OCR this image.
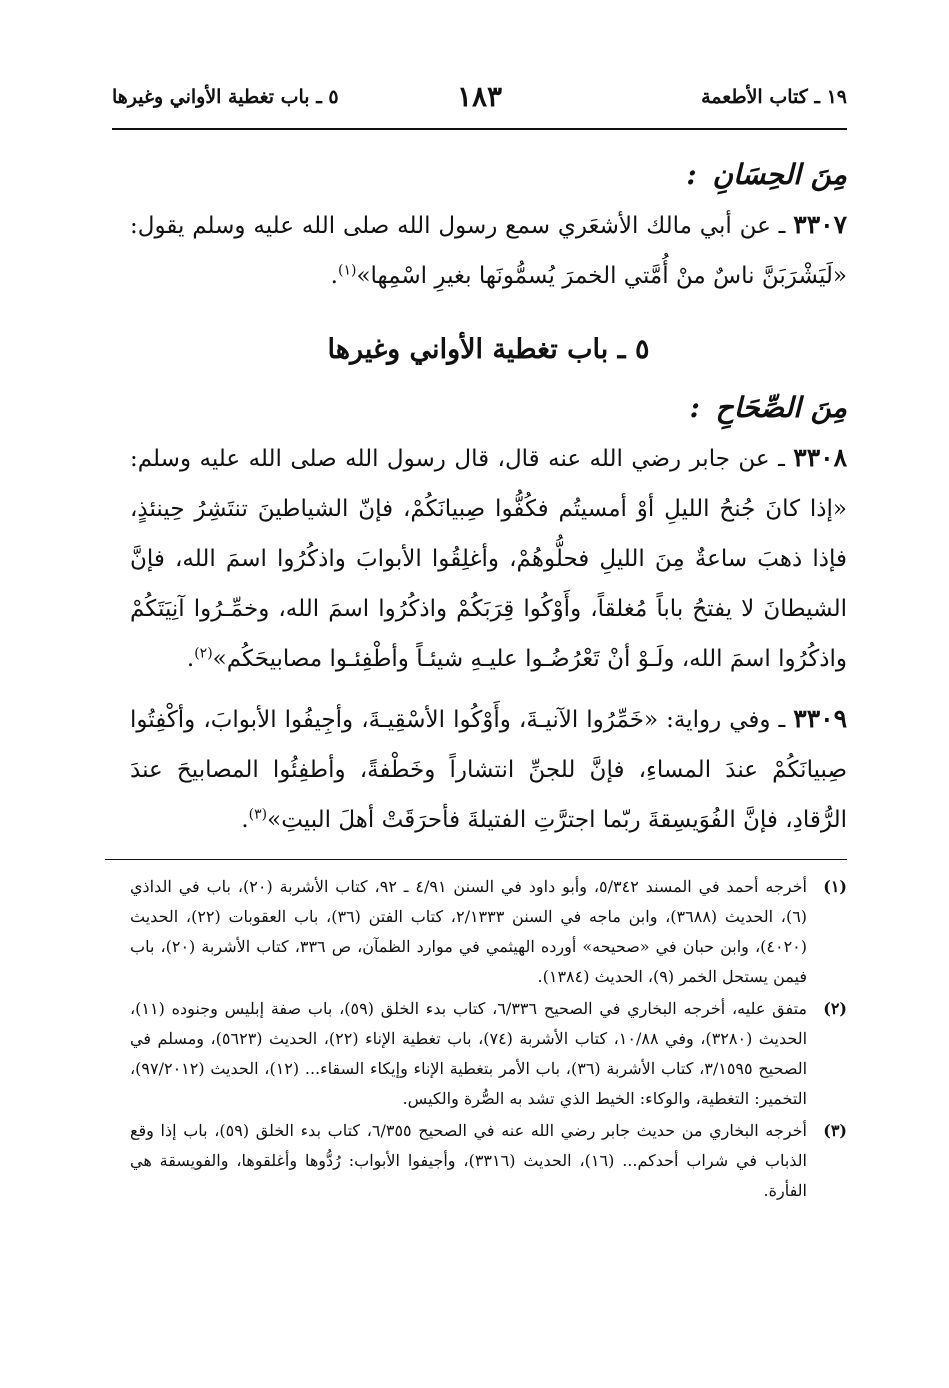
١٩ ـ كتاب الأطعمة
١٨٣
٥ ـ باب تغطية الأواني وغيرها
مِنَ الحِسَانِ :

٣٣٠٧ ـ عن أبي مالك الأشعَري سمع رسول الله صلى الله عليه وسلم يقول: «لَيَشْرَبَنَّ ناسٌ منْ أُمَّتي الخمرَ يُسمُّونَها بغيرِ اسْمِها»$^{(١)}$.

٥ ـ باب تغطية الأواني وغيرها
مِنَ الصِّحَاحِ :

٣٣٠٨ ـ عن جابر رضي الله عنه قال، قال رسول الله صلى الله عليه وسلم: «إذا كانَ جُنحُ الليلِ أوْ أمسيتُم فكُفُّوا صِبيانَكُمْ، فإنّ الشياطينَ تنتَشِرُ حِينئذٍ، فإذا ذهبَ ساعةٌ مِنَ الليلِ فحلُّوهُمْ، وأغلِقُوا الأبوابَ واذكُرُوا اسمَ الله، فإنَّ الشيطانَ لا يفتحُ باباً مُغلقاً، وأَوْكُوا قِرَبَكُمْ واذكُرُوا اسمَ الله، وخمِّـرُوا آنِيَتَكُمْ واذكُرُوا اسمَ الله، ولَـوْ أنْ تَعْرُضُـوا عليـهِ شيئـاً وأطْفِئـوا مصابيحَكُم»$^{(٢)}$.

٣٣٠٩ ـ وفي رواية: «خَمِّرُوا الآنيـةَ، وأَوْكُوا الأسْقِيـةَ، وأجِيفُوا الأبوابَ، وأكْفِتُوا صِبيانَكُمْ عندَ المساءِ، فإنَّ للجنِّ انتشاراً وخَطْفةً، وأطفِئُوا المصابيحَ عندَ الرُّقادِ، فإنَّ الفُوَيسِقةَ ربّما اجترَّتِ الفتيلةَ فأحرَقَتْ أهلَ البيتِ»$^{(٣)}$.

(١)
أخرجه أحمد في المسند ٥/٣٤٢، وأبو داود في السنن ٤/٩١ ـ ٩٢، كتاب الأشربة (٢٠)، باب في الداذي (٦)، الحديث (٣٦٨٨)، وابن ماجه في السنن ٢/١٣٣٣، كتاب الفتن (٣٦)، باب العقوبات (٢٢)، الحديث (٤٠٢٠)، وابن حبان في «صحيحه» أورده الهيثمي في موارد الظمآن، ص ٣٣٦، كتاب الأشربة (٢٠)، باب فيمن يستحل الخمر (٩)، الحديث (١٣٨٤).
(٢)
متفق عليه، أخرجه البخاري في الصحيح ٦/٣٣٦، كتاب بدء الخلق (٥٩)، باب صفة إبليس وجنوده (١١)، الحديث (٣٢٨٠)، وفي ١٠/٨٨، كتاب الأشربة (٧٤)، باب تغطية الإناء (٢٢)، الحديث (٥٦٢٣)، ومسلم في الصحيح ٣/١٥٩٥، كتاب الأشربة (٣٦)، باب الأمر بتغطية الإناء وإيكاء السقاء... (١٢)، الحديث (٩٧/٢٠١٢)، التخمير: التغطية، والوكاء: الخيط الذي تشد به الصُّرة والكيس.
(٣)
أخرجه البخاري من حديث جابر رضي الله عنه في الصحيح ٦/٣٥٥، كتاب بدء الخلق (٥٩)، باب إذا وقع الذباب في شراب أحدكم... (١٦)، الحديث (٣٣١٦)، وأجيفوا الأبواب: رُدُّوها وأغلقوها، والفويسقة هي الفأرة.
